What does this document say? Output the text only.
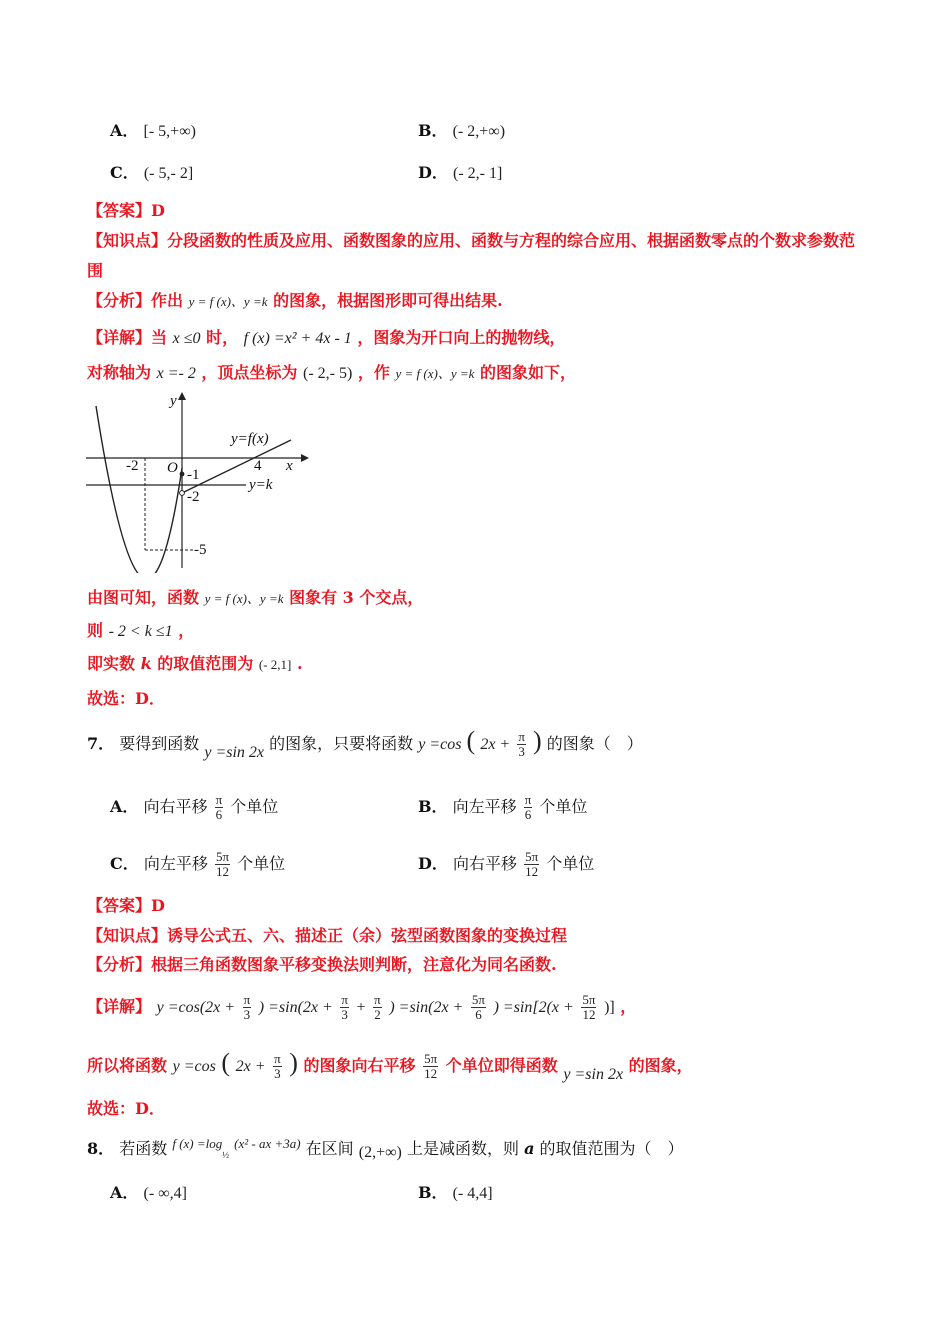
A． [- 5,+∞)	B． (- 2,+∞)
C． (- 5,- 2]	D． (- 2,- 1]
【答案】D
【知识点】分段函数的性质及应用、函数图象的应用、函数与方程的综合应用、根据函数零点的个数求参数范围
【分析】作出 y = f (x)、y =k 的图象，根据图形即可得出结果.
【详解】当 x ≤0 时， f (x) =x² + 4x - 1 ，图象为开口向上的抛物线，
对称轴为 x =- 2 ，顶点坐标为 (- 2,- 5) ，作 y = f (x)、y =k 的图象如下，
y
x
O
y=f(x)
y=k
-2	4
-1
-2
-5
由图可知，函数 y = f (x)、y =k 图象有 3 个交点，
则 - 2 < k ≤1 ，
即实数 k 的取值范围为 (- 2,1] .
故选：D．
7． 要得到函数 y =sin 2x 的图象，只要将函数 y =cos ( $2x + \frac{\pi}{3}$ ) 的图象（　）
A． 向右平移 $\frac{\pi}{6}$ 个单位	B． 向左平移 $\frac{\pi}{6}$ 个单位
C． 向左平移 $\frac{5\pi}{12}$ 个单位	D． 向右平移 $\frac{5\pi}{12}$ 个单位
【答案】D
【知识点】诱导公式五、六、描述正（余）弦型函数图象的变换过程
【分析】根据三角函数图象平移变换法则判断，注意化为同名函数.
【详解】 $y =\cos(2x + \frac{\pi}{3}$ ) $=\sin(2x + \frac{\pi}{3} + \frac{\pi}{2}$ ) $=\sin(2x + \frac{5\pi}{6}$ ) $=\sin[2(x + \frac{5\pi}{12}$ )] ，
所以将函数 y =cos ( $2x + \frac{\pi}{3}$ ) 的图象向右平移 $\frac{5\pi}{12}$ 个单位即得函数 y =sin 2x 的图象，
故选：D．
8． 若函数 $^{f (x) =log}_{\frac{1}{2}}$ $^{(x^2 - ax +3a)}$ 在区间 (2,+∞) 上是减函数，则 a 的取值范围为（　）
A． (- ∞,4]	B． (- 4,4]
